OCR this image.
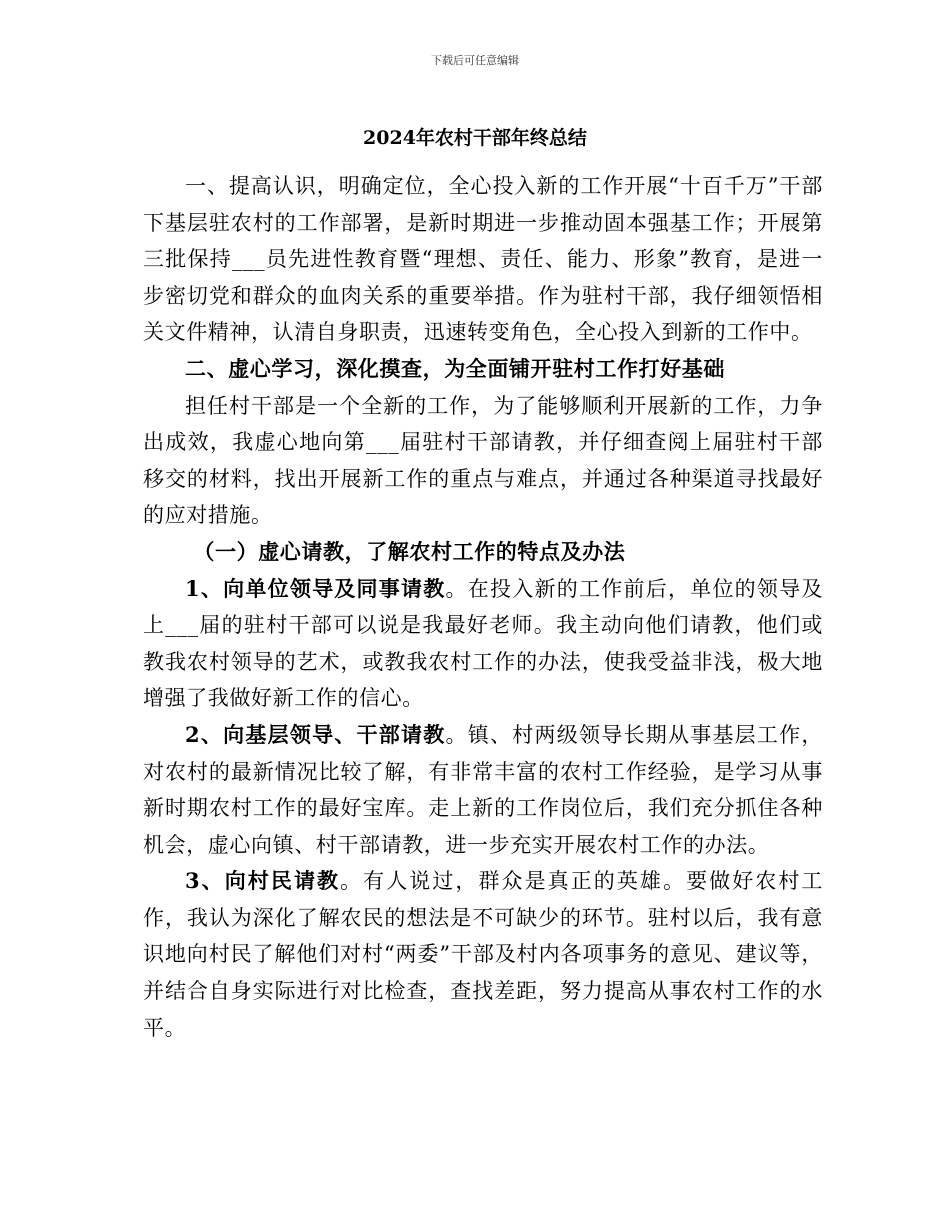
下载后可任意编辑
2024年农村干部年终总结

一、提高认识，明确定位，全心投入新的工作开展“十百千万”干部下基层驻农村的工作部署，是新时期进一步推动固本强基工作；开展第三批保持___员先进性教育暨“理想、责任、能力、形象”教育，是进一步密切党和群众的血肉关系的重要举措。作为驻村干部，我仔细领悟相关文件精神，认清自身职责，迅速转变角色，全心投入到新的工作中。

二、虚心学习，深化摸查，为全面铺开驻村工作打好基础

担任村干部是一个全新的工作，为了能够顺利开展新的工作，力争出成效，我虚心地向第___届驻村干部请教，并仔细查阅上届驻村干部移交的材料，找出开展新工作的重点与难点，并通过各种渠道寻找最好的应对措施。

（一）虚心请教，了解农村工作的特点及办法

1、向单位领导及同事请教。在投入新的工作前后，单位的领导及上___届的驻村干部可以说是我最好老师。我主动向他们请教，他们或教我农村领导的艺术，或教我农村工作的办法，使我受益非浅，极大地增强了我做好新工作的信心。

2、向基层领导、干部请教。镇、村两级领导长期从事基层工作，对农村的最新情况比较了解，有非常丰富的农村工作经验，是学习从事新时期农村工作的最好宝库。走上新的工作岗位后，我们充分抓住各种机会，虚心向镇、村干部请教，进一步充实开展农村工作的办法。

3、向村民请教。有人说过，群众是真正的英雄。要做好农村工作，我认为深化了解农民的想法是不可缺少的环节。驻村以后，我有意识地向村民了解他们对村“两委”干部及村内各项事务的意见、建议等，并结合自身实际进行对比检查，查找差距，努力提高从事农村工作的水平。
